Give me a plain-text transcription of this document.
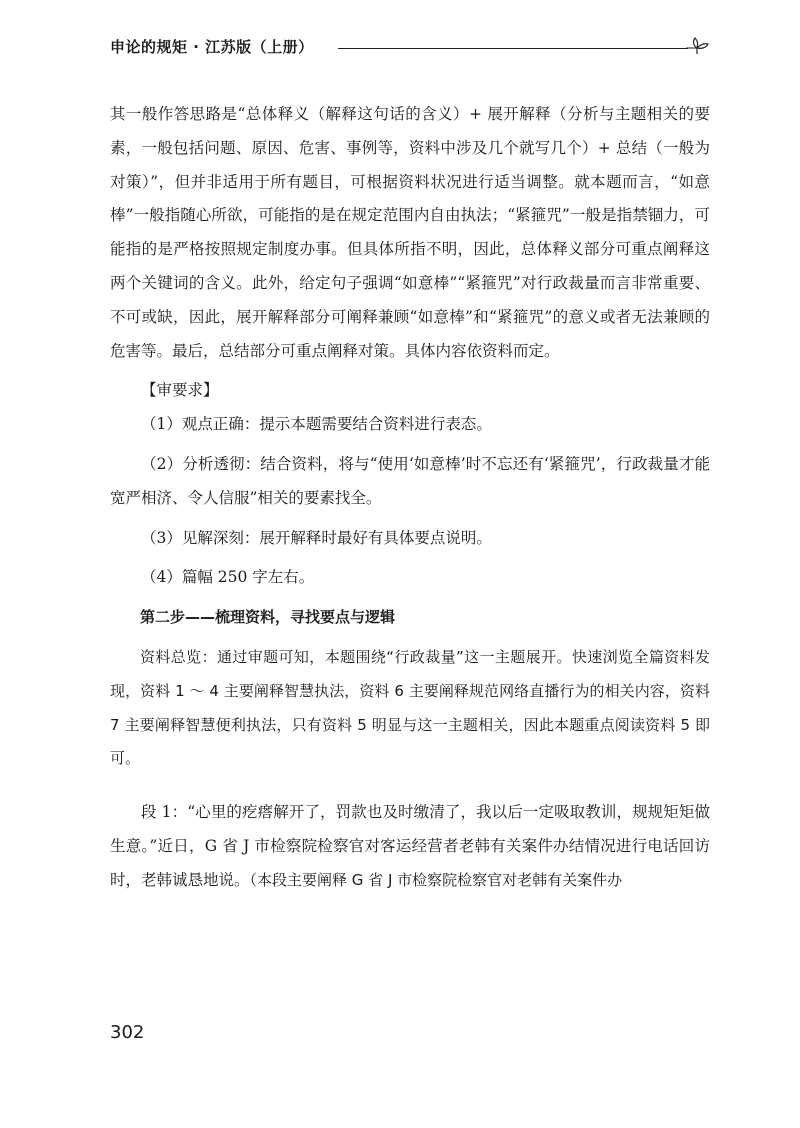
申论的规矩 · 江苏版（上册）

其一般作答思路是“总体释义（解释这句话的含义）+ 展开解释（分析与主题相关的要素，一般包括问题、原因、危害、事例等，资料中涉及几个就写几个）+ 总结（一般为对策）”，但并非适用于所有题目，可根据资料状况进行适当调整。就本题而言，“如意棒”一般指随心所欲，可能指的是在规定范围内自由执法；“紧箍咒”一般是指禁锢力，可能指的是严格按照规定制度办事。但具体所指不明，因此，总体释义部分可重点阐释这两个关键词的含义。此外，给定句子强调“如意棒”“紧箍咒”对行政裁量而言非常重要、不可或缺，因此，展开解释部分可阐释兼顾“如意棒”和“紧箍咒”的意义或者无法兼顾的危害等。最后，总结部分可重点阐释对策。具体内容依资料而定。

【审要求】

（1）观点正确：提示本题需要结合资料进行表态。

（2）分析透彻：结合资料，将与“使用‘如意棒’时不忘还有‘紧箍咒’，行政裁量才能宽严相济、令人信服”相关的要素找全。

（3）见解深刻：展开解释时最好有具体要点说明。

（4）篇幅 250 字左右。

第二步——梳理资料，寻找要点与逻辑

资料总览：通过审题可知，本题围绕“行政裁量”这一主题展开。快速浏览全篇资料发现，资料 1 ～ 4 主要阐释智慧执法，资料 6 主要阐释规范网络直播行为的相关内容，资料 7 主要阐释智慧便利执法，只有资料 5 明显与这一主题相关，因此本题重点阅读资料 5 即可。

段 1：“心里的疙瘩解开了，罚款也及时缴清了，我以后一定吸取教训，规规矩矩做生意。”近日，G 省 J 市检察院检察官对客运经营者老韩有关案件办结情况进行电话回访时，老韩诚恳地说。（本段主要阐释 G 省 J 市检察院检察官对老韩有关案件办

302
